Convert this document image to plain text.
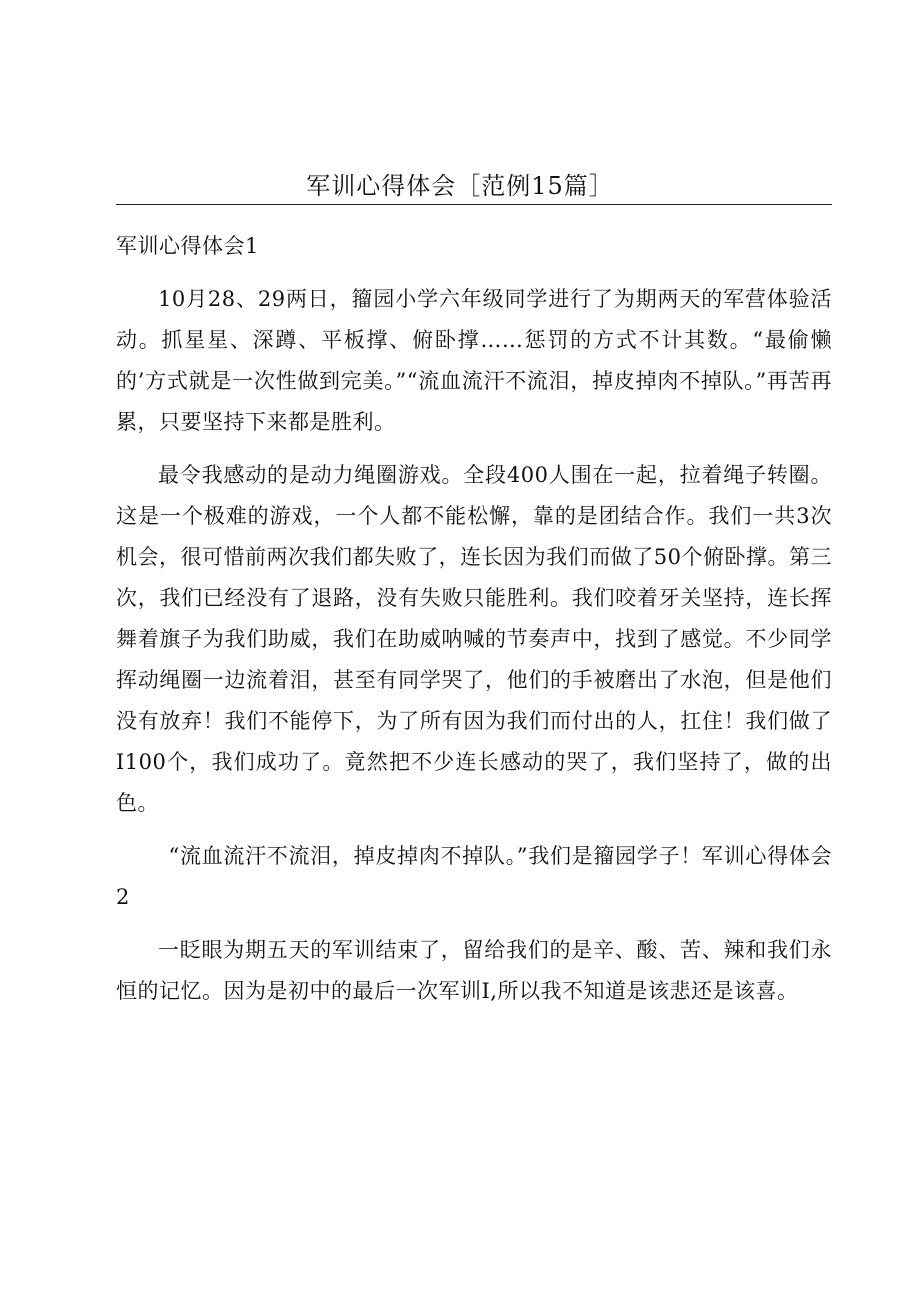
军训心得体会［范例15篇］

军训心得体会1

10月28、29两日，籀园小学六年级同学进行了为期两天的军营体验活动。抓星星、深蹲、平板撑、俯卧撑……惩罚的方式不计其数。“最偷懒的’方式就是一次性做到完美。”“流血流汗不流泪，掉皮掉肉不掉队。”再苦再累，只要坚持下来都是胜利。

最令我感动的是动力绳圈游戏。全段400人围在一起，拉着绳子转圈。这是一个极难的游戏，一个人都不能松懈，靠的是团结合作。我们一共3次机会，很可惜前两次我们都失败了，连长因为我们而做了50个俯卧撑。第三次，我们已经没有了退路，没有失败只能胜利。我们咬着牙关坚持，连长挥舞着旗子为我们助威，我们在助威呐喊的节奏声中，找到了感觉。不少同学挥动绳圈一边流着泪，甚至有同学哭了，他们的手被磨出了水泡，但是他们没有放弃！我们不能停下，为了所有因为我们而付出的人，扛住！我们做了I100个，我们成功了。竟然把不少连长感动的哭了，我们坚持了，做的出色。

“流血流汗不流泪，掉皮掉肉不掉队。”我们是籀园学子！军训心得体会2

一眨眼为期五天的军训结束了，留给我们的是辛、酸、苦、辣和我们永恒的记忆。因为是初中的最后一次军训I,所以我不知道是该悲还是该喜。
